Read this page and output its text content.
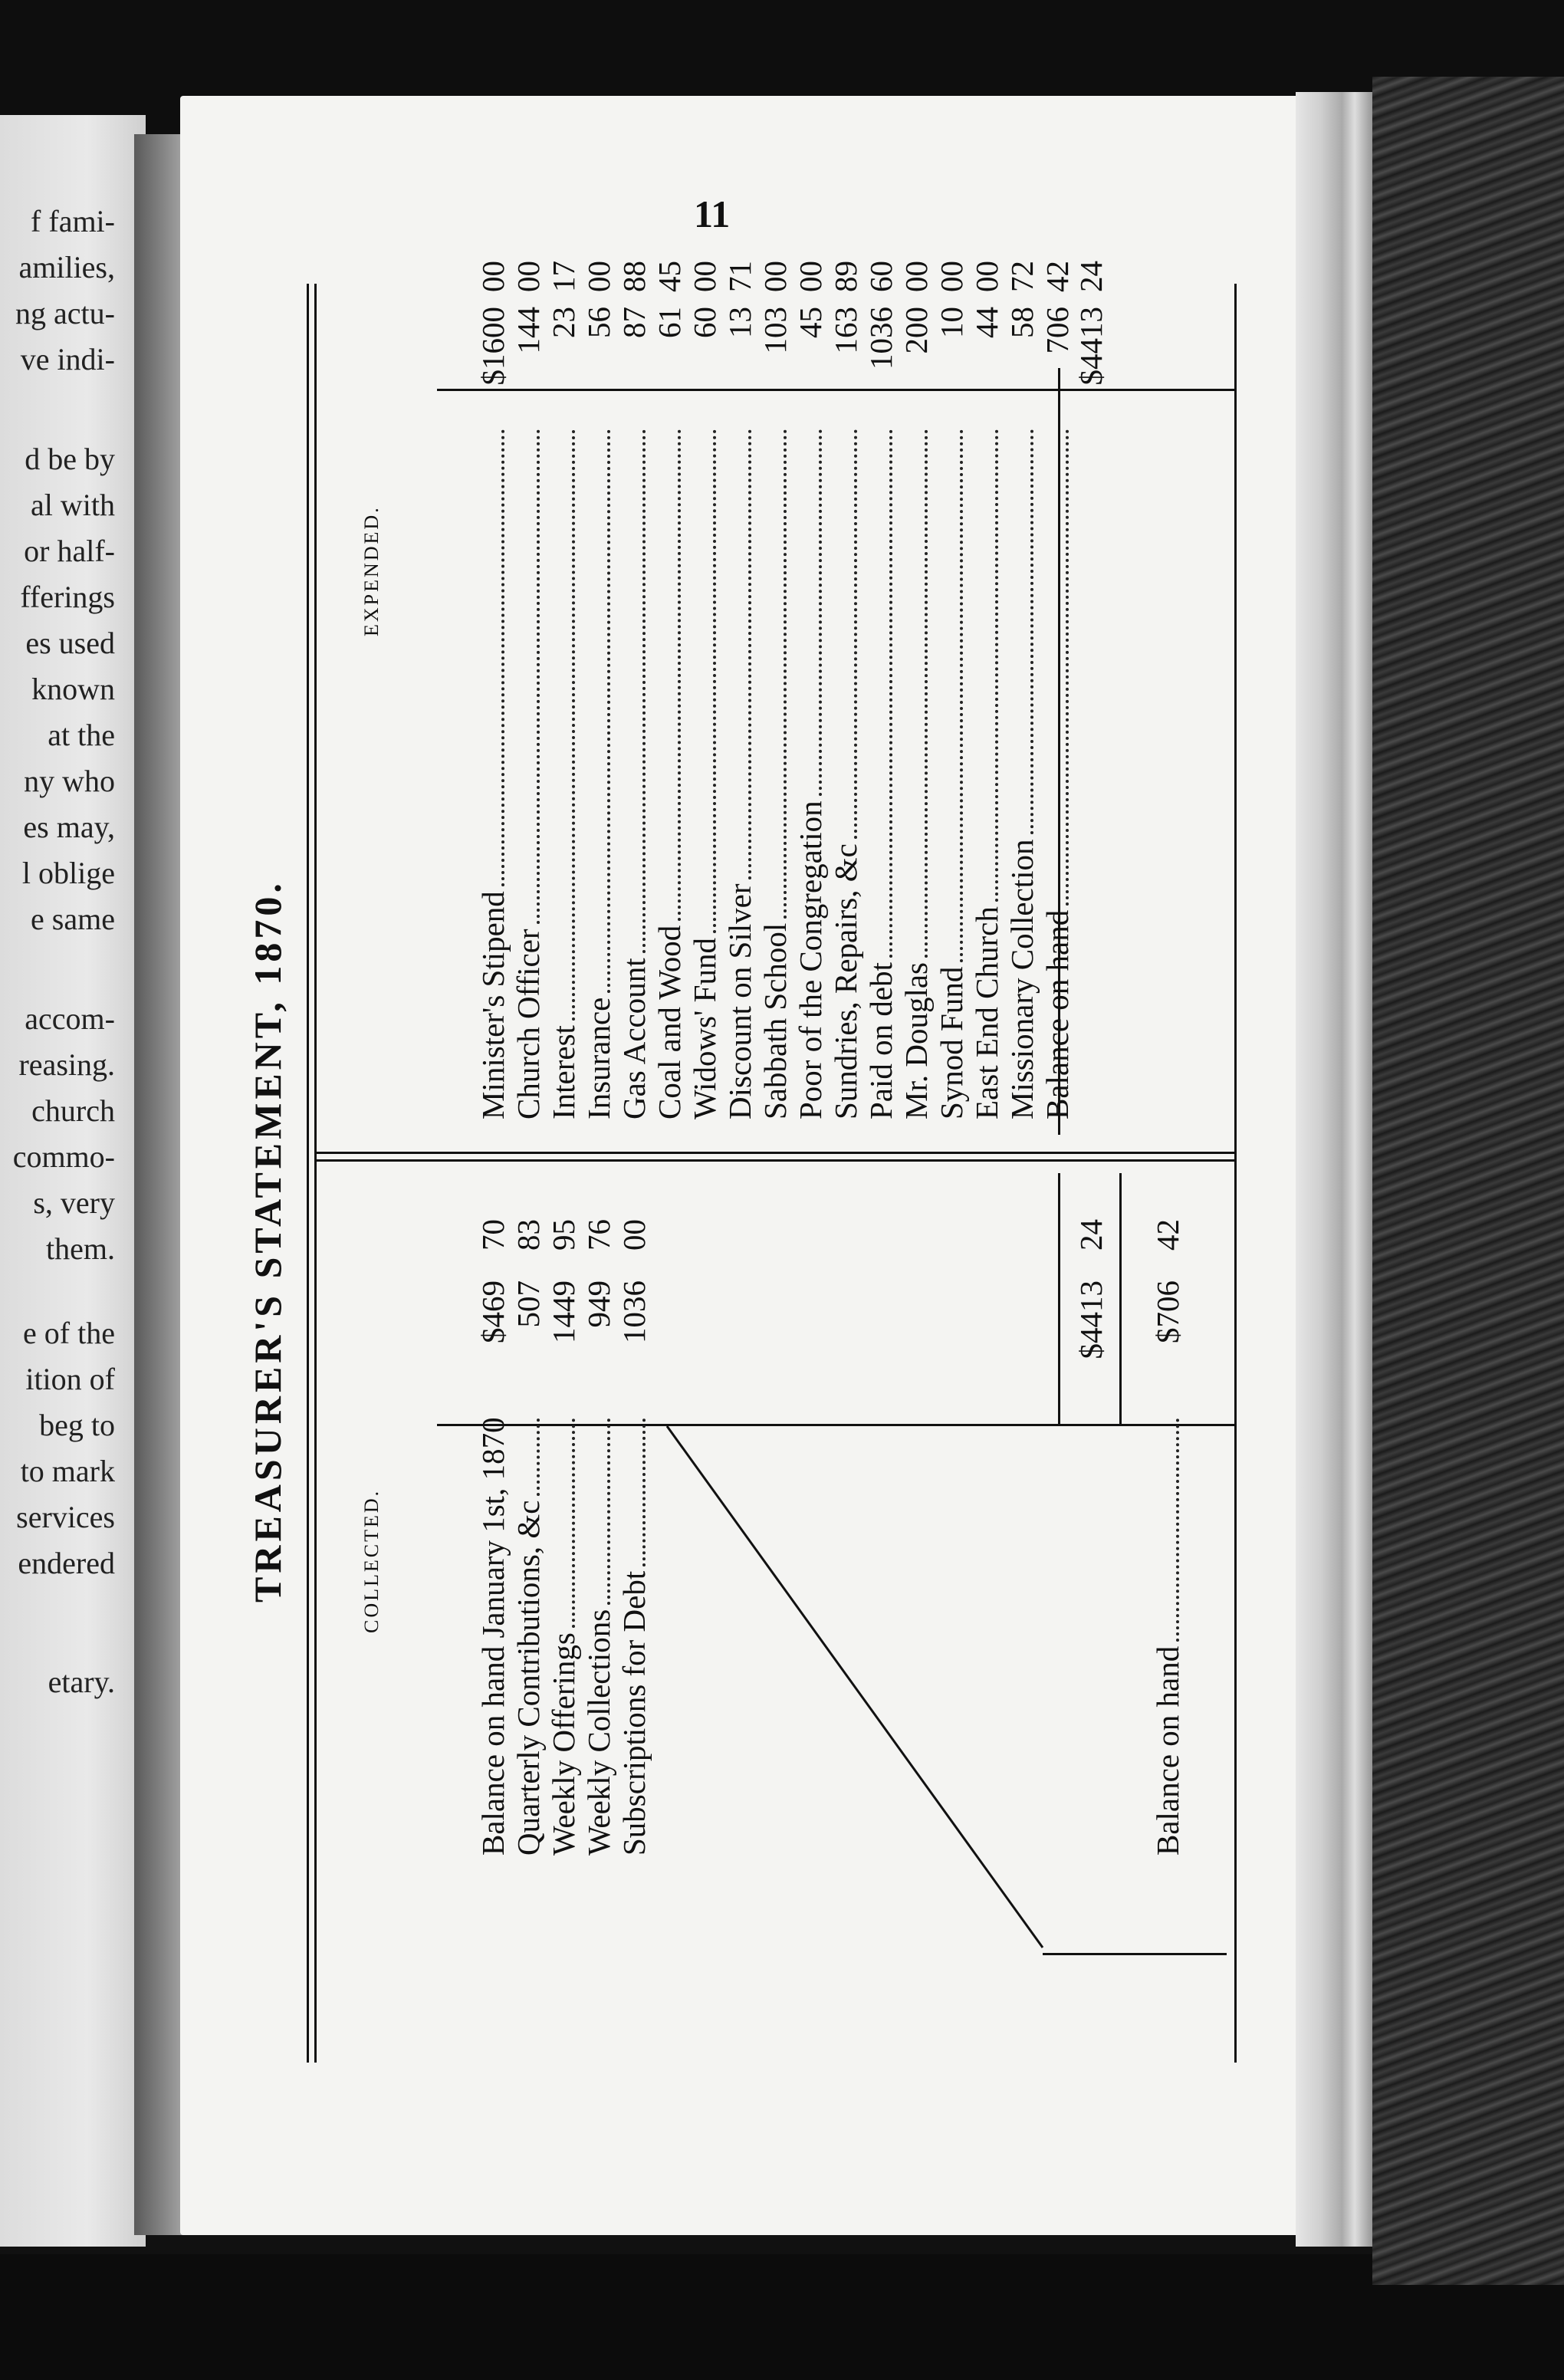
f fami-
amilies,
ng actu-
ve indi-
d be by
al with
or half-
fferings
es used
known
at the
ny who
es may,
l oblige
e same
accom-
reasing.
church
commo-
s, very
them.
e of the
ition of
beg to
to mark
services
endered
etary.
11
TREASURER'S STATEMENT, 1870.	COLLECTED.
EXPENDED.
Balance on hand January 1st, 1870
$469
70
Quarterly Contributions, &c
507
83
Weekly Offerings
1449
95
Weekly Collections
949
76
Subscriptions for Debt
1036
00
Minister's Stipend
$1600
00
Church Officer
144
00
Interest
23
17
Insurance
56
00
Gas Account
87
88
Coal and Wood
61
45
Widows' Fund
60
00
Discount on Silver
13
71
Sabbath School
103
00
Poor of the Congregation
45
00
Sundries, Repairs, &c
163
89
Paid on debt
1036
60
Mr. Douglas
200
00
Synod Fund
10
00
East End Church
44
00
Missionary Collection
58
72
Balance on hand
706
42
$4413
24
Balance on hand
$706
42
$4413
24
